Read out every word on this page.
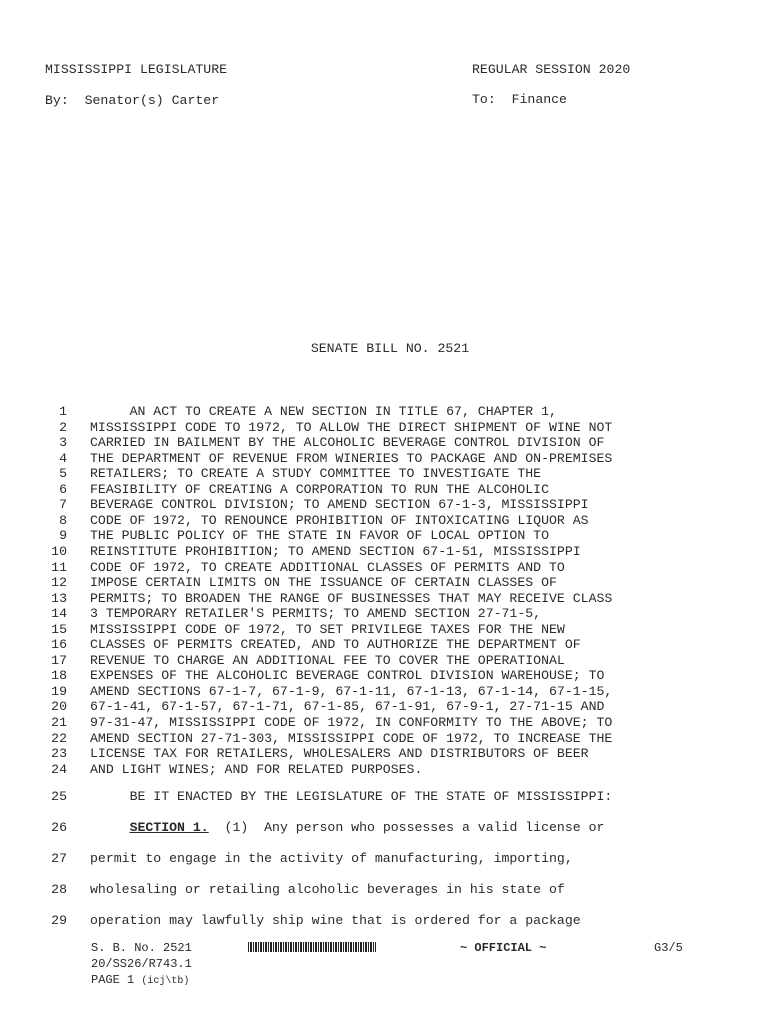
MISSISSIPPI LEGISLATURE	REGULAR SESSION 2020
By: Senator(s) Carter	To: Finance
SENATE BILL NO. 2521
1 AN ACT TO CREATE A NEW SECTION IN TITLE 67, CHAPTER 1,
2 MISSISSIPPI CODE TO 1972, TO ALLOW THE DIRECT SHIPMENT OF WINE NOT
3 CARRIED IN BAILMENT BY THE ALCOHOLIC BEVERAGE CONTROL DIVISION OF
4 THE DEPARTMENT OF REVENUE FROM WINERIES TO PACKAGE AND ON-PREMISES
5 RETAILERS; TO CREATE A STUDY COMMITTEE TO INVESTIGATE THE
6 FEASIBILITY OF CREATING A CORPORATION TO RUN THE ALCOHOLIC
7 BEVERAGE CONTROL DIVISION; TO AMEND SECTION 67-1-3, MISSISSIPPI
8 CODE OF 1972, TO RENOUNCE PROHIBITION OF INTOXICATING LIQUOR AS
9 THE PUBLIC POLICY OF THE STATE IN FAVOR OF LOCAL OPTION TO
10 REINSTITUTE PROHIBITION; TO AMEND SECTION 67-1-51, MISSISSIPPI
11 CODE OF 1972, TO CREATE ADDITIONAL CLASSES OF PERMITS AND TO
12 IMPOSE CERTAIN LIMITS ON THE ISSUANCE OF CERTAIN CLASSES OF
13 PERMITS; TO BROADEN THE RANGE OF BUSINESSES THAT MAY RECEIVE CLASS
14 3 TEMPORARY RETAILER'S PERMITS; TO AMEND SECTION 27-71-5,
15 MISSISSIPPI CODE OF 1972, TO SET PRIVILEGE TAXES FOR THE NEW
16 CLASSES OF PERMITS CREATED, AND TO AUTHORIZE THE DEPARTMENT OF
17 REVENUE TO CHARGE AN ADDITIONAL FEE TO COVER THE OPERATIONAL
18 EXPENSES OF THE ALCOHOLIC BEVERAGE CONTROL DIVISION WAREHOUSE; TO
19 AMEND SECTIONS 67-1-7, 67-1-9, 67-1-11, 67-1-13, 67-1-14, 67-1-15,
20 67-1-41, 67-1-57, 67-1-71, 67-1-85, 67-1-91, 67-9-1, 27-71-15 AND
21 97-31-47, MISSISSIPPI CODE OF 1972, IN CONFORMITY TO THE ABOVE; TO
22 AMEND SECTION 27-71-303, MISSISSIPPI CODE OF 1972, TO INCREASE THE
23 LICENSE TAX FOR RETAILERS, WHOLESALERS AND DISTRIBUTORS OF BEER
24 AND LIGHT WINES; AND FOR RELATED PURPOSES.
25 BE IT ENACTED BY THE LEGISLATURE OF THE STATE OF MISSISSIPPI:
26	SECTION 1.  (1)  Any person who possesses a valid license or
27 permit to engage in the activity of manufacturing, importing,
28 wholesaling or retailing alcoholic beverages in his state of
29 operation may lawfully ship wine that is ordered for a package
S. B. No. 2521	~ OFFICIAL ~	G3/5
20/SS26/R743.1
PAGE 1 (icj\tb)
